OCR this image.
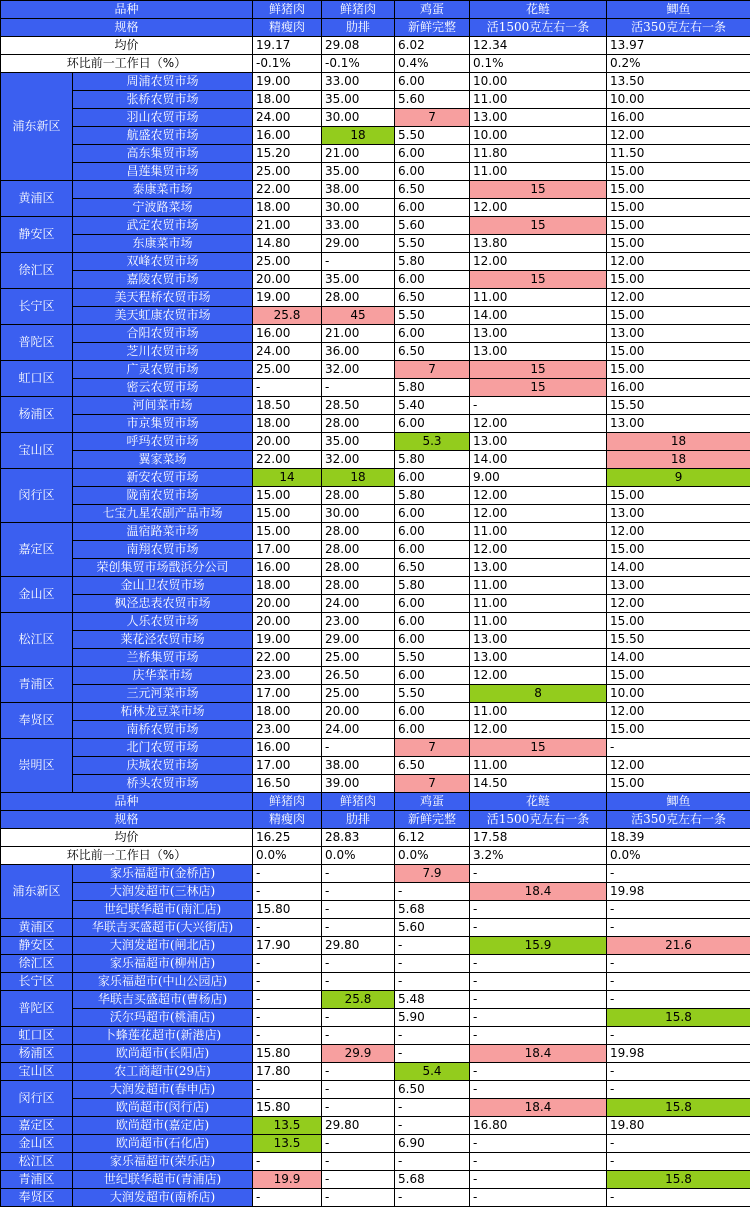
品种		鲜猪肉	鲜猪肉	鸡蛋	花鲢	鲫鱼
规格		精瘦肉	肋排	新鲜完整	活1500克左右一条	活350克左右一条
均价		19.17	29.08	6.02	12.34	13.97
环比前一工作日（%）		-0.1%	-0.1%	0.4%	0.1%	0.2%
浦东新区	周浦农贸市场	19.00	33.00	6.00	10.00	13.50
	张桥农贸市场	18.00	35.00	5.60	11.00	10.00
	羽山农贸市场	24.00	30.00	7	13.00	16.00
	航盛农贸市场	16.00	18	5.50	10.00	12.00
	高东集贸市场	15.20	21.00	6.00	11.80	11.50
	昌莲集贸市场	25.00	35.00	6.00	11.00	15.00
黄浦区	泰康菜市场	22.00	38.00	6.50	15	15.00
	宁波路菜场	18.00	30.00	6.00	12.00	15.00
静安区	武定农贸市场	21.00	33.00	5.60	15	15.00
	东康菜市场	14.80	29.00	5.50	13.80	15.00
徐汇区	双峰农贸市场	25.00	-	5.80	12.00	12.00
	嘉陵农贸市场	20.00	35.00	6.00	15	15.00
长宁区	美天程桥农贸市场	19.00	28.00	6.50	11.00	12.00
	美天虹康农贸市场	25.8	45	5.50	14.00	15.00
普陀区	合阳农贸市场	16.00	21.00	6.00	13.00	13.00
	芝川农贸市场	24.00	36.00	6.50	13.00	15.00
虹口区	广灵农贸市场	25.00	32.00	7	15	15.00
	密云农贸市场	-	-	5.80	15	16.00
杨浦区	河间菜市场	18.50	28.50	5.40	-	15.50
	市京集贸市场	18.00	28.00	6.00	12.00	13.00
宝山区	呼玛农贸市场	20.00	35.00	5.3	13.00	18
	翼家菜场	22.00	32.00	5.80	14.00	18
闵行区	新安农贸市场	14	18	6.00	9.00	9
	陇南农贸市场	15.00	28.00	5.80	12.00	15.00
	七宝九星农副产品市场	15.00	30.00	6.00	12.00	13.00
嘉定区	温宿路菜市场	15.00	28.00	6.00	11.00	12.00
	南翔农贸市场	17.00	28.00	6.00	12.00	15.00
	荣创集贸市场戬浜分公司	16.00	28.00	6.50	13.00	14.00
金山区	金山卫农贸市场	18.00	28.00	5.80	11.00	13.00
	枫泾忠表农贸市场	20.00	24.00	6.00	11.00	12.00
松江区	人乐农贸市场	20.00	23.00	6.00	11.00	15.00
	莱花泾农贸市场	19.00	29.00	6.00	13.00	15.50
	兰桥集贸市场	22.00	25.00	5.50	13.00	14.00
青浦区	庆华菜市场	23.00	26.50	6.00	12.00	15.00
	三元河菜市场	17.00	25.00	5.50	8	10.00
奉贤区	柘林龙豆菜市场	18.00	20.00	6.00	11.00	12.00
	南桥农贸市场	23.00	24.00	6.00	12.00	15.00
崇明区	北门农贸市场	16.00	-	7	15	-
	庆城农贸市场	17.00	38.00	6.50	11.00	12.00
	桥头农贸市场	16.50	39.00	7	14.50	15.00
品种		鲜猪肉	鲜猪肉	鸡蛋	花鲢	鲫鱼
规格		精瘦肉	肋排	新鲜完整	活1500克左右一条	活350克左右一条
均价		16.25	28.83	6.12	17.58	18.39
环比前一工作日（%）		0.0%	0.0%	0.0%	3.2%	0.0%
浦东新区	家乐福超市(金桥店)	-	-	7.9	-	-
	大润发超市(三林店)	-	-	-	18.4	19.98
	世纪联华超市(南汇店)	15.80	-	5.68	-	-
黄浦区	华联吉买盛超市(大兴街店)	-	-	5.60	-	-
静安区	大润发超市(闸北店)	17.90	29.80	-	15.9	21.6
徐汇区	家乐福超市(柳州店)	-	-	-	-	-
长宁区	家乐福超市(中山公园店)	-	-	-	-	-
普陀区	华联吉买盛超市(曹杨店)	-	25.8	5.48	-	-
	沃尔玛超市(桃浦店)	-	-	5.90	-	15.8
虹口区	卜蜂莲花超市(新港店)	-	-	-	-	-
杨浦区	欧尚超市(长阳店)	15.80	29.9	-	18.4	19.98
宝山区	农工商超市(29店)	17.80	-	5.4	-	-
闵行区	大润发超市(春申店)	-	-	6.50	-	-
	欧尚超市(闵行店)	15.80	-	-	18.4	15.8
嘉定区	欧尚超市(嘉定店)	13.5	29.80	-	16.80	19.80
金山区	欧尚超市(石化店)	13.5	-	6.90	-	-
松江区	家乐福超市(荣乐店)	-	-	-	-	-
青浦区	世纪联华超市(青浦店)	19.9	-	5.68	-	15.8
奉贤区	大润发超市(南桥店)	-	-	-	-	-
